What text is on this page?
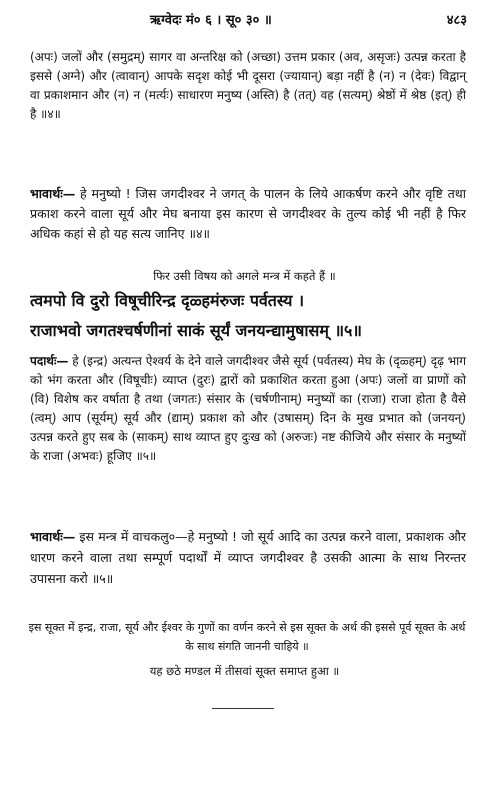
ऋग्वेदः मं० ६ । सू० ३० ॥	४८३
(अपः) जलों और (समुद्रम्) सागर वा अन्तरिक्ष को (अच्छा) उत्तम प्रकार (अव, असृजः) उत्पन्न करता है इससे (अग्ने) और (त्वावान्) आपके सदृश कोई भी दूसरा (ज्यायान्) बड़ा नहीं है (न) न (देवः) विद्वान् वा प्रकाशमान और (न) न (मर्त्यः) साधारण मनुष्य (अस्ति) है (तत्) वह (सत्यम्) श्रेष्ठों में श्रेष्ठ (इत्) ही है ॥४॥
भावार्थः— हे मनुष्यो ! जिस जगदीश्वर ने जगत् के पालन के लिये आकर्षण करने और वृष्टि तथा प्रकाश करने वाला सूर्य और मेघ बनाया इस कारण से जगदीश्वर के तुल्य कोई भी नहीं है फिर अधिक कहां से हो यह सत्य जानिए ॥४॥
फिर उसी विषय को अगले मन्त्र में कहते हैं ॥
त्वमपो वि दुरो विषूचीरिन्द्र दृळ्हमंरुजः पर्वतस्य ।
राजाभवो जगतश्चर्षणीनां साकं सूर्यं जनयन्द्यामुषासम् ॥५॥
पदार्थः— हे (इन्द्र) अत्यन्त ऐश्वर्य के देने वाले जगदीश्वर जैसे सूर्य (पर्वतस्य) मेघ के (दृळ्हम्) दृढ़ भाग को भंग करता और (विषूचीः) व्याप्त (दुरः) द्वारों को प्रकाशित करता हुआ (अपः) जलों वा प्राणों को (वि) विशेष कर वर्षाता है तथा (जगतः) संसार के (चर्षणीनाम्) मनुष्यों का (राजा) राजा होता है वैसे (त्वम्) आप (सूर्यम्) सूर्य और (द्याम्) प्रकाश को और (उषासम्) दिन के मुख प्रभात को (जनयन्) उत्पन्न करते हुए सब के (साकम्) साथ व्याप्त हुए दुःख को (अरुजः) नष्ट कीजिये और संसार के मनुष्यों के राजा (अभवः) हूजिए ॥५॥
भावार्थः— इस मन्त्र में वाचकलु०—हे मनुष्यो ! जो सूर्य आदि का उत्पन्न करने वाला, प्रकाशक और धारण करने वाला तथा सम्पूर्ण पदार्थों में व्याप्त जगदीश्वर है उसकी आत्मा के साथ निरन्तर उपासना करो ॥५॥
इस सूक्त में इन्द्र, राजा, सूर्य और ईश्वर के गुणों का वर्णन करने से इस सूक्त के अर्थ की इससे पूर्व सूक्त के अर्थ के साथ संगति जाननी चाहिये ॥
यह छठे मण्डल में तीसवां सूक्त समाप्त हुआ ॥
